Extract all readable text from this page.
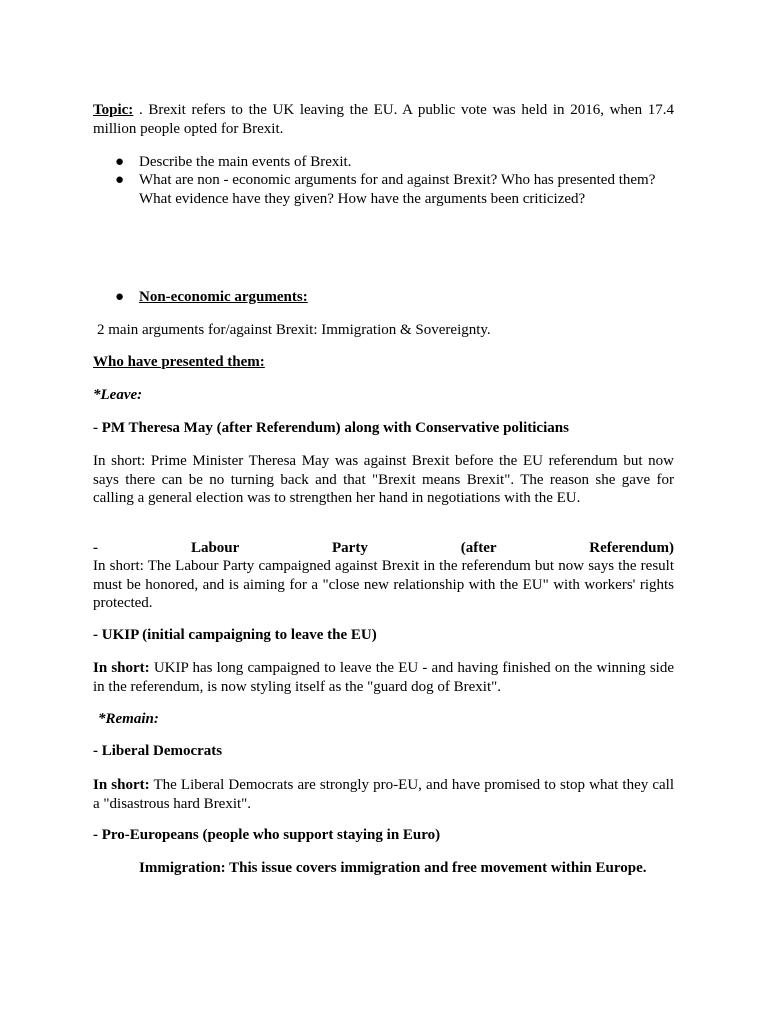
Topic: . Brexit refers to the UK leaving the EU. A public vote was held in 2016, when 17.4 million people opted for Brexit.

● Describe the main events of Brexit.

● What are non - economic arguments for and against Brexit? Who has presented them? What evidence have they given? How have the arguments been criticized?

● Non-economic arguments:

2 main arguments for/against Brexit: Immigration & Sovereignty.

Who have presented them:

*Leave:

- PM Theresa May (after Referendum) along with Conservative politicians

In short: Prime Minister Theresa May was against Brexit before the EU referendum but now says there can be no turning back and that "Brexit means Brexit". The reason she gave for calling a general election was to strengthen her hand in negotiations with the EU.

- Labour Party (after Referendum)

In short: The Labour Party campaigned against Brexit in the referendum but now says the result must be honored, and is aiming for a "close new relationship with the EU" with workers' rights protected.

- UKIP (initial campaigning to leave the EU)

In short: UKIP has long campaigned to leave the EU - and having finished on the winning side in the referendum, is now styling itself as the "guard dog of Brexit".

*Remain:

- Liberal Democrats

In short: The Liberal Democrats are strongly pro-EU, and have promised to stop what they call a "disastrous hard Brexit".

- Pro-Europeans (people who support staying in Euro)

Immigration: This issue covers immigration and free movement within Europe.
